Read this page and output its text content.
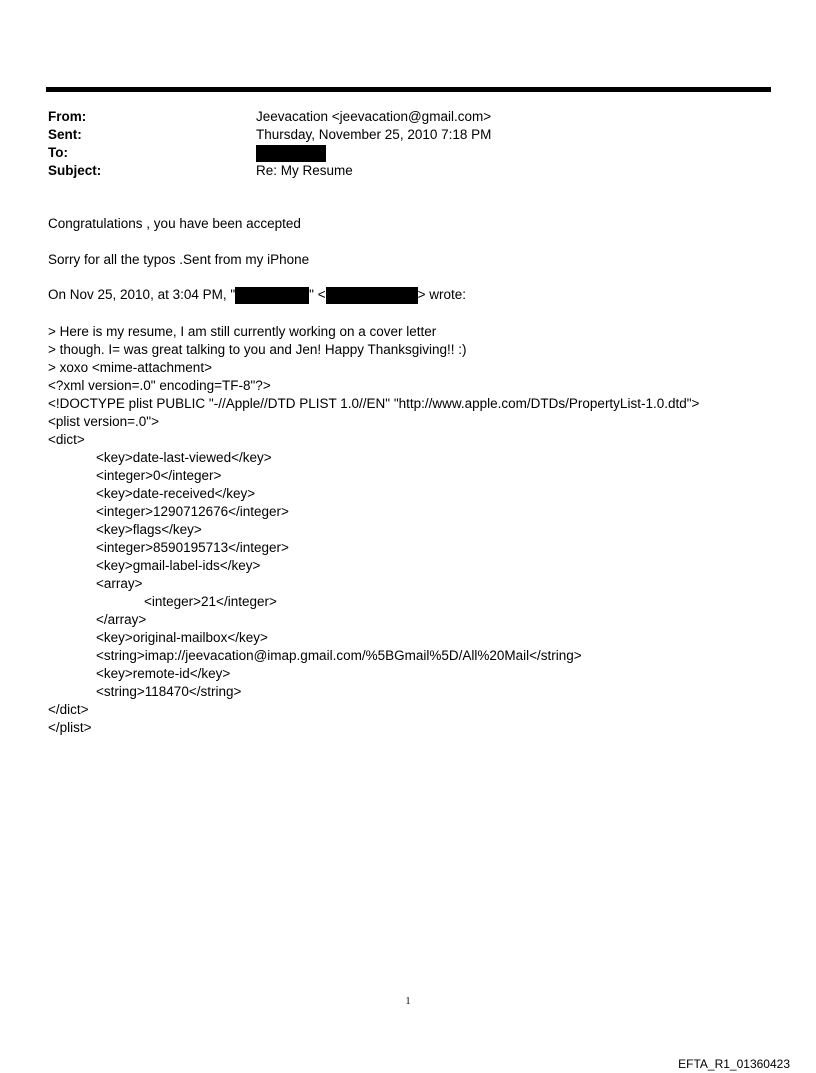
From:	Jeevacation <jeevacation@gmail.com>
Sent:	Thursday, November 25, 2010 7:18 PM
To:
Subject:	Re: My Resume
Congratulations , you have been accepted
Sorry for all the typos .Sent from my iPhone
On Nov 25, 2010, at 3:04 PM, "	" <	> wrote:
> Here is my resume, I am still currently working on a cover letter
> though. I= was great talking to you and Jen! Happy Thanksgiving!! :)
> xoxo <mime-attachment>
<?xml version=.0" encoding=TF-8"?>
<!DOCTYPE plist PUBLIC "-//Apple//DTD PLIST 1.0//EN" "http://www.apple.com/DTDs/PropertyList-1.0.dtd">
<plist version=.0">
<dict>
<key>date-last-viewed</key>
<integer>0</integer>
<key>date-received</key>
<integer>1290712676</integer>
<key>flags</key>
<integer>8590195713</integer>
<key>gmail-label-ids</key>
<array>
<integer>21</integer>
</array>
<key>original-mailbox</key>
<string>imap://jeevacation@imap.gmail.com/%5BGmail%5D/All%20Mail</string>
<key>remote-id</key>
<string>118470</string>
</dict>
</plist>
1
EFTA_R1_01360423
